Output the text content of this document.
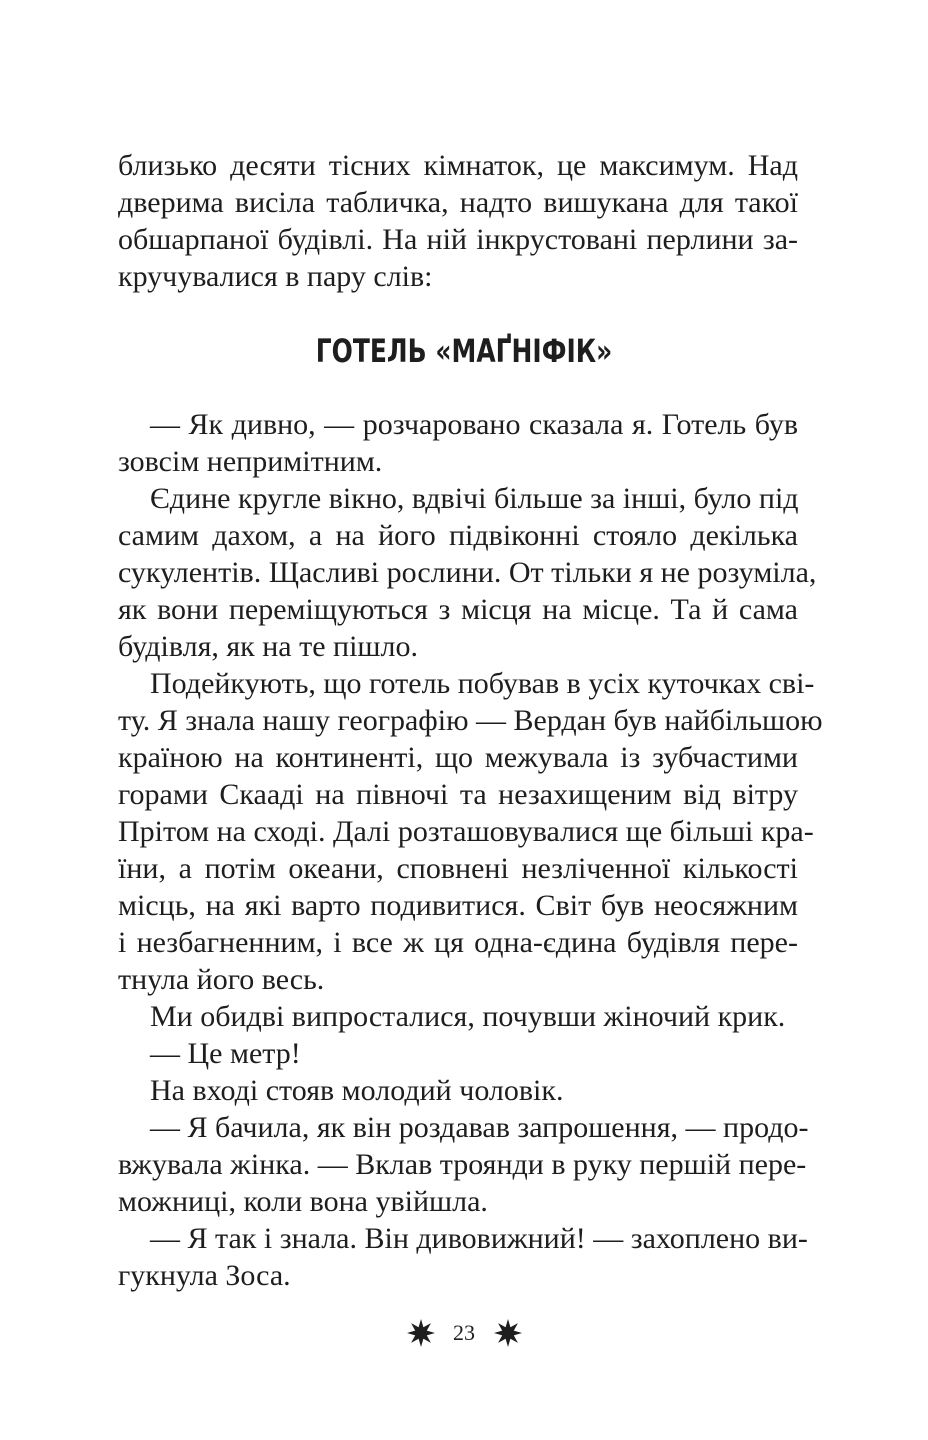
близько десяти тісних кімнаток, це максимум. Над
дверима висіла табличка, надто вишукана для такої
обшарпаної будівлі. На ній інкрустовані перлини за-
кручувалися в пару слів:

ГОТЕЛЬ «МАҐНІФІК»

— Як дивно, — розчаровано сказала я. Готель був
зовсім непримітним.
Єдине кругле вікно, вдвічі більше за інші, було під
самим дахом, а на його підвіконні стояло декілька
сукулентів. Щасливі рослини. От тільки я не розуміла,
як вони переміщуються з місця на місце. Та й сама
будівля, як на те пішло.
Подейкують, що готель побував в усіх куточках сві-
ту. Я знала нашу географію — Вердан був найбільшою
країною на континенті, що межувала із зубчастими
горами Скааді на півночі та незахищеним від вітру
Прітом на сході. Далі розташовувалися ще більші кра-
їни, а потім океани, сповнені незліченної кількості
місць, на які варто подивитися. Світ був неосяжним
і незбагненним, і все ж ця одна-єдина будівля пере-
тнула його весь.
Ми обидві випросталися, почувши жіночий крик.
— Це метр!
На вході стояв молодий чоловік.
— Я бачила, як він роздавав запрошення, — продо-
вжувала жінка. — Вклав троянди в руку першій пере-
можниці, коли вона увійшла.
— Я так і знала. Він дивовижний! — захоплено ви-
гукнула Зоса.

23
